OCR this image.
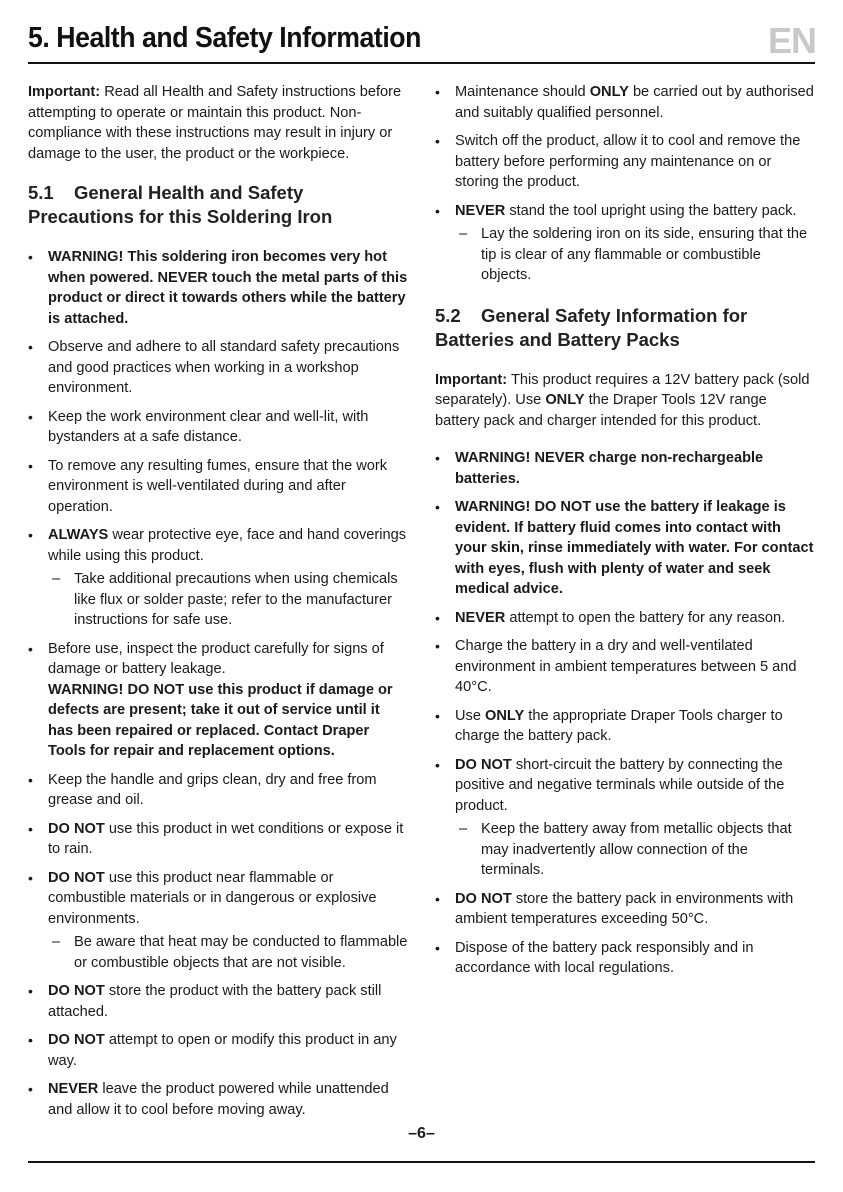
5. Health and Safety Information	EN

Important: Read all Health and Safety instructions before attempting to operate or maintain this product. Non-compliance with these instructions may result in injury or damage to the user, the product or the workpiece.

5.1 General Health and Safety Precautions for this Soldering Iron
• WARNING! This soldering iron becomes very hot when powered. NEVER touch the metal parts of this product or direct it towards others while the battery is attached.
• Observe and adhere to all standard safety precautions and good practices when working in a workshop environment.
• Keep the work environment clear and well-lit, with bystanders at a safe distance.
• To remove any resulting fumes, ensure that the work environment is well-ventilated during and after operation.
• ALWAYS wear protective eye, face and hand coverings while using this product.
– Take additional precautions when using chemicals like flux or solder paste; refer to the manufacturer instructions for safe use.
• Before use, inspect the product carefully for signs of damage or battery leakage.
WARNING! DO NOT use this product if damage or defects are present; take it out of service until it has been repaired or replaced. Contact Draper Tools for repair and replacement options.
• Keep the handle and grips clean, dry and free from grease and oil.
• DO NOT use this product in wet conditions or expose it to rain.
• DO NOT use this product near flammable or combustible materials or in dangerous or explosive environments.
– Be aware that heat may be conducted to flammable or combustible objects that are not visible.
• DO NOT store the product with the battery pack still attached.
• DO NOT attempt to open or modify this product in any way.
• NEVER leave the product powered while unattended and allow it to cool before moving away.
• Maintenance should ONLY be carried out by authorised and suitably qualified personnel.
• Switch off the product, allow it to cool and remove the battery before performing any maintenance on or storing the product.
• NEVER stand the tool upright using the battery pack.
– Lay the soldering iron on its side, ensuring that the tip is clear of any flammable or combustible objects.
5.2 General Safety Information for Batteries and Battery Packs

Important: This product requires a 12V battery pack (sold separately). Use ONLY the Draper Tools 12V range battery pack and charger intended for this product.

• WARNING! NEVER charge non-rechargeable batteries.
• WARNING! DO NOT use the battery if leakage is evident. If battery fluid comes into contact with your skin, rinse immediately with water. For contact with eyes, flush with plenty of water and seek medical advice.
• NEVER attempt to open the battery for any reason.
• Charge the battery in a dry and well-ventilated environment in ambient temperatures between 5 and 40°C.
• Use ONLY the appropriate Draper Tools charger to charge the battery pack.
• DO NOT short-circuit the battery by connecting the positive and negative terminals while outside of the product.
– Keep the battery away from metallic objects that may inadvertently allow connection of the terminals.
• DO NOT store the battery pack in environments with ambient temperatures exceeding 50°C.
• Dispose of the battery pack responsibly and in accordance with local regulations.
–6–
